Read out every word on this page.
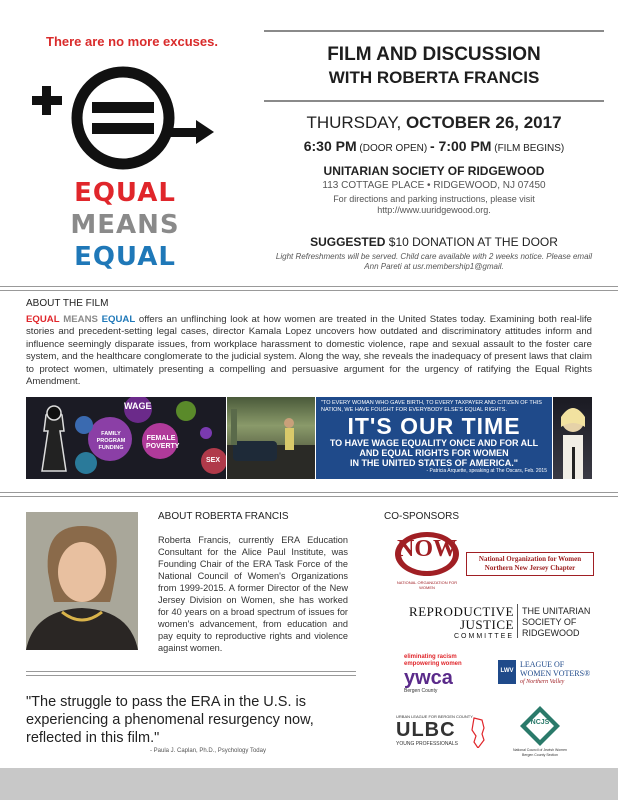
There are no more excuses.
EQUAL
MEANS
EQUAL
FILM AND DISCUSSION
WITH ROBERTA FRANCIS
THURSDAY, OCTOBER 26, 2017
6:30 PM (DOOR OPEN) - 7:00 PM (FILM BEGINS)
UNITARIAN SOCIETY OF RIDGEWOOD
113 COTTAGE PLACE • RIDGEWOOD, NJ 07450
For directions and parking instructions, please visit http://www.uuridgewood.org.
SUGGESTED $10 DONATION AT THE DOOR
Light Refreshments will be served. Child care available with 2 weeks notice. Please email Ann Pareti at usr.membership1@gmail.
ABOUT THE FILM
EQUAL MEANS EQUAL offers an unflinching look at how women are treated in the United States today. Examining both real-life stories and precedent-setting legal cases, director Kamala Lopez uncovers how outdated and discriminatory attitudes inform and influence seemingly disparate issues, from workplace harassment to domestic violence, rape and sexual assault to the foster care system, and the healthcare conglomerate to the judicial system. Along the way, she reveals the inadequacy of present laws that claim to protect women, ultimately presenting a compelling and persuasive argument for the urgency of ratifying the Equal Rights Amendment.
WAGE
FAMILY PROGRAM FUNDING
FEMALE POVERTY
SEX
"TO EVERY WOMAN WHO GAVE BIRTH, TO EVERY TAXPAYER AND CITIZEN OF THIS NATION, WE HAVE FOUGHT FOR EVERYBODY ELSE'S EQUAL RIGHTS.
IT'S OUR TIME
TO HAVE WAGE EQUALITY ONCE AND FOR ALL
AND EQUAL RIGHTS FOR WOMEN
IN THE UNITED STATES OF AMERICA."
- Patricia Arquette, speaking at The Oscars, Feb. 2015
ABOUT ROBERTA FRANCIS
Roberta Francis, currently ERA Education Consultant for the Alice Paul Institute, was Founding Chair of the ERA Task Force of the National Council of Women's Organizations from 1999-2015. A former Director of the New Jersey Division on Women, she has worked for 40 years on a broad spectrum of issues for women's advancement, from education and pay equity to reproductive rights and violence against women.
CO-SPONSORS
NOW
NATIONAL ORGANIZATION FOR WOMEN
National Organization for Women
Northern New Jersey Chapter
REPRODUCTIVE
JUSTICE
COMMITTEE
THE UNITARIAN
SOCIETY OF
RIDGEWOOD
eliminating racism
empowering women
ywca
Bergen County
LWV
LEAGUE OF
WOMEN VOTERS®
of Northern Valley
URBAN LEAGUE FOR BERGEN COUNTY
ULBC
YOUNG PROFESSIONALS
NCJS
National Council of Jewish Women
Bergen County Section
"The struggle to pass the ERA in the U.S. is experiencing a phenomenal resurgency now, reflected in this film."
- Paula J. Caplan, Ph.D., Psychology Today
